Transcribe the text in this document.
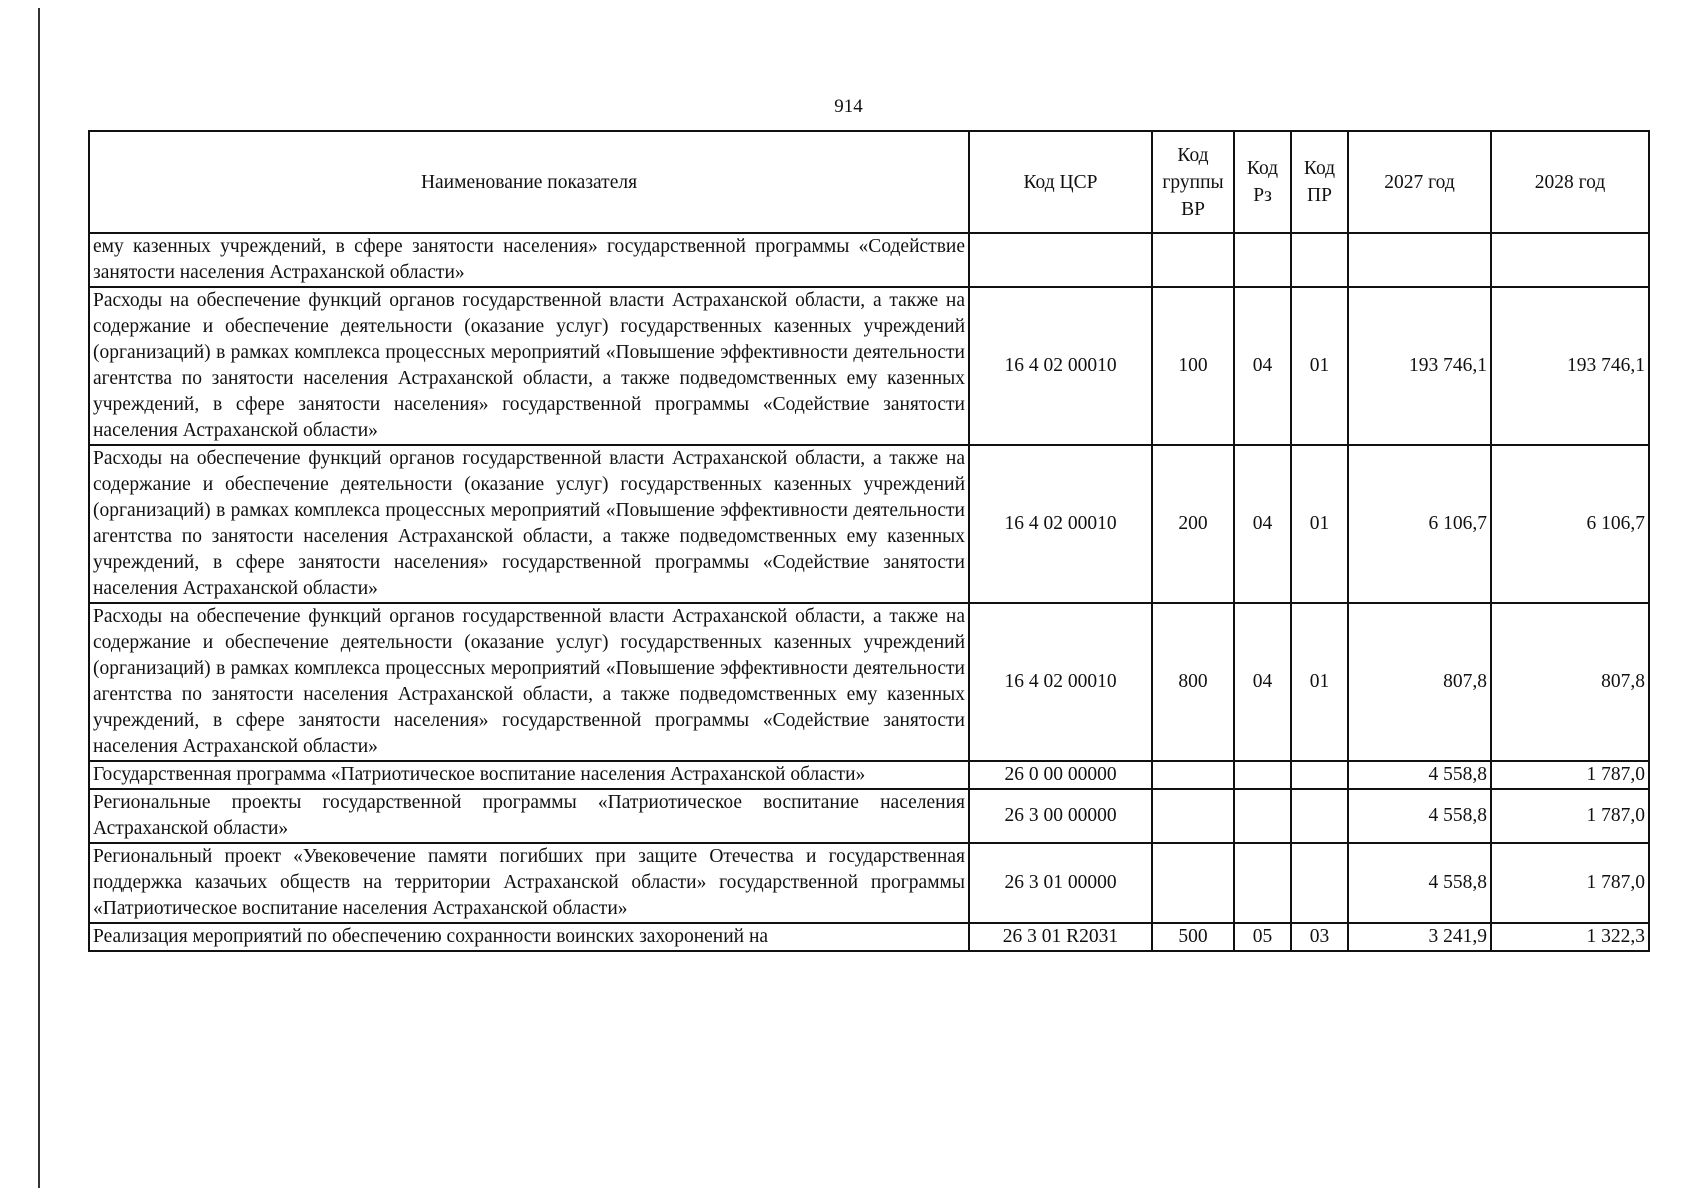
914
Наименование показателя	Код ЦСР	Код группы ВР	Код Рз	Код ПР	2027 год	2028 год
ему казенных учреждений, в сфере занятости населения» государственной программы «Содействие занятости населения Астраханской области»						
Расходы на обеспечение функций органов государственной власти Астраханской области, а также на содержание и обеспечение деятельности (оказание услуг) государственных казенных учреждений (организаций) в рамках комплекса процессных мероприятий «Повышение эффективности деятельности агентства по занятости населения Астраханской области, а также подведомственных ему казенных учреждений, в сфере занятости населения» государственной программы «Содействие занятости населения Астраханской области»	16 4 02 00010	100	04	01	193 746,1	193 746,1
Расходы на обеспечение функций органов государственной власти Астраханской области, а также на содержание и обеспечение деятельности (оказание услуг) государственных казенных учреждений (организаций) в рамках комплекса процессных мероприятий «Повышение эффективности деятельности агентства по занятости населения Астраханской области, а также подведомственных ему казенных учреждений, в сфере занятости населения» государственной программы «Содействие занятости населения Астраханской области»	16 4 02 00010	200	04	01	6 106,7	6 106,7
Расходы на обеспечение функций органов государственной власти Астраханской области, а также на содержание и обеспечение деятельности (оказание услуг) государственных казенных учреждений (организаций) в рамках комплекса процессных мероприятий «Повышение эффективности деятельности агентства по занятости населения Астраханской области, а также подведомственных ему казенных учреждений, в сфере занятости населения» государственной программы «Содействие занятости населения Астраханской области»	16 4 02 00010	800	04	01	807,8	807,8
Государственная программа «Патриотическое воспитание населения Астраханской области»	26 0 00 00000				4 558,8	1 787,0
Региональные проекты государственной программы «Патриотическое воспитание населения Астраханской области»	26 3 00 00000				4 558,8	1 787,0
Региональный проект «Увековечение памяти погибших при защите Отечества и государственная поддержка казачьих обществ на территории Астраханской области» государственной программы «Патриотическое воспитание населения Астраханской области»	26 3 01 00000				4 558,8	1 787,0
Реализация мероприятий по обеспечению сохранности воинских захоронений на	26 3 01 R2031	500	05	03	3 241,9	1 322,3
